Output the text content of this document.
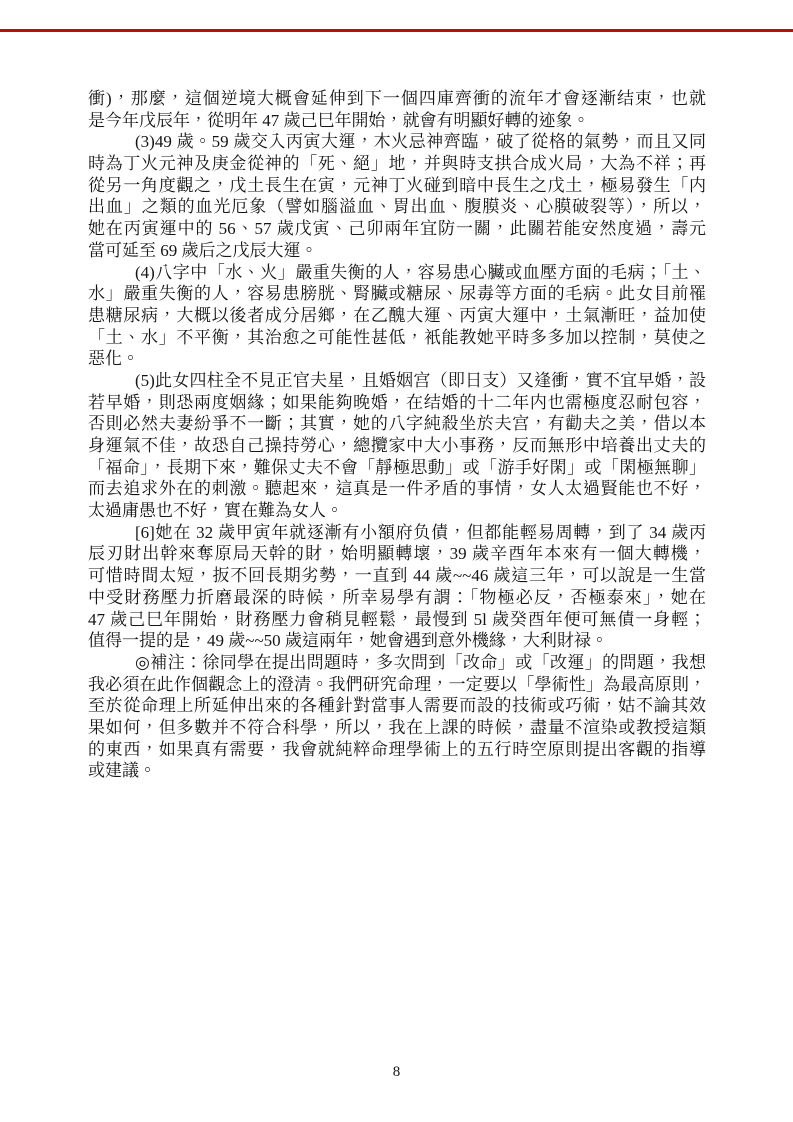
衝)，那麼，這個逆境大概會延伸到下一個四庫齊衝的流年才會逐漸结束，也就
是今年戊辰年，從明年 47 歲己巳年開始，就會有明顯好轉的迹象。
(3)49 歲。59 歲交入丙寅大運，木火忌神齊臨，破了從格的氣勢，而且又同
時為丁火元神及庚金從神的「死、絕」地，并與時支拱合成火局，大為不祥；再
從另一角度觀之，戊土長生在寅，元神丁火碰到暗中長生之戊土，極易發生「内
出血」之類的血光厄象（譬如腦溢血、胃出血、腹膜炎、心膜破裂等），所以，
她在丙寅運中的 56、57 歲戊寅、己卯兩年宜防一關，此關若能安然度過，壽元
當可延至 69 歲后之戊辰大運。
(4)八字中「水、火」嚴重失衡的人，容易患心臟或血壓方面的毛病；「土、
水」嚴重失衡的人，容易患膀胱、腎臟或糖尿、尿毒等方面的毛病。此女目前罹
患糖尿病，大概以後者成分居鄉，在乙醜大運、丙寅大運中，土氣漸旺，益加使
「土、水」不平衡，其治愈之可能性甚低，衹能教她平時多多加以控制，莫使之
惡化。
(5)此女四柱全不見正官夫星，且婚姻宫（即日支）又逢衝，實不宜早婚，設
若早婚，則恐兩度姻緣；如果能夠晚婚，在结婚的十二年内也需極度忍耐包容，
否則必然夫妻紛爭不一斷；其實，她的八字純殺坐於夫宫，有勸夫之美，借以本
身運氣不佳，故恐自己操持勞心，總攬家中大小事務，反而無形中培養出丈夫的
「福命」，長期下來，難保丈夫不會「靜極思動」或「游手好閑」或「閑極無聊」
而去追求外在的刺激。聽起來，這真是一件矛盾的事情，女人太過賢能也不好，
太過庸愚也不好，實在難為女人。
[6]她在 32 歲甲寅年就逐漸有小額府负債，但都能輕易周轉，到了 34 歲丙
辰刃財出幹來奪原局天幹的財，始明顯轉壞，39 歲辛酉年本來有一個大轉機，
可惜時間太短，扳不回長期劣勢，一直到 44 歲~~46 歲這三年，可以說是一生當
中受財務壓力折磨最深的時候，所幸易學有謂：「物極必反，否極泰來」，她在
47 歲己巳年開始，財務壓力會稍見輕鬆，最慢到 5l 歲癸酉年便可無債一身輕；
值得一提的是，49 歲~~50 歲這兩年，她會遇到意外機緣，大利財禄。
◎補注：徐同學在提出問題時，多次問到「改命」或「改運」的問題，我想
我必須在此作個觀念上的澄清。我們研究命理，一定要以「學術性」為最高原則，
至於從命理上所延伸出來的各種針對當事人需要而設的技術或巧術，姑不論其效
果如何，但多數并不符合科學，所以，我在上課的時候，盡量不渲染或教授這類
的東西，如果真有需要，我會就純粹命理學術上的五行時空原則提出客觀的指導
或建議。
8
